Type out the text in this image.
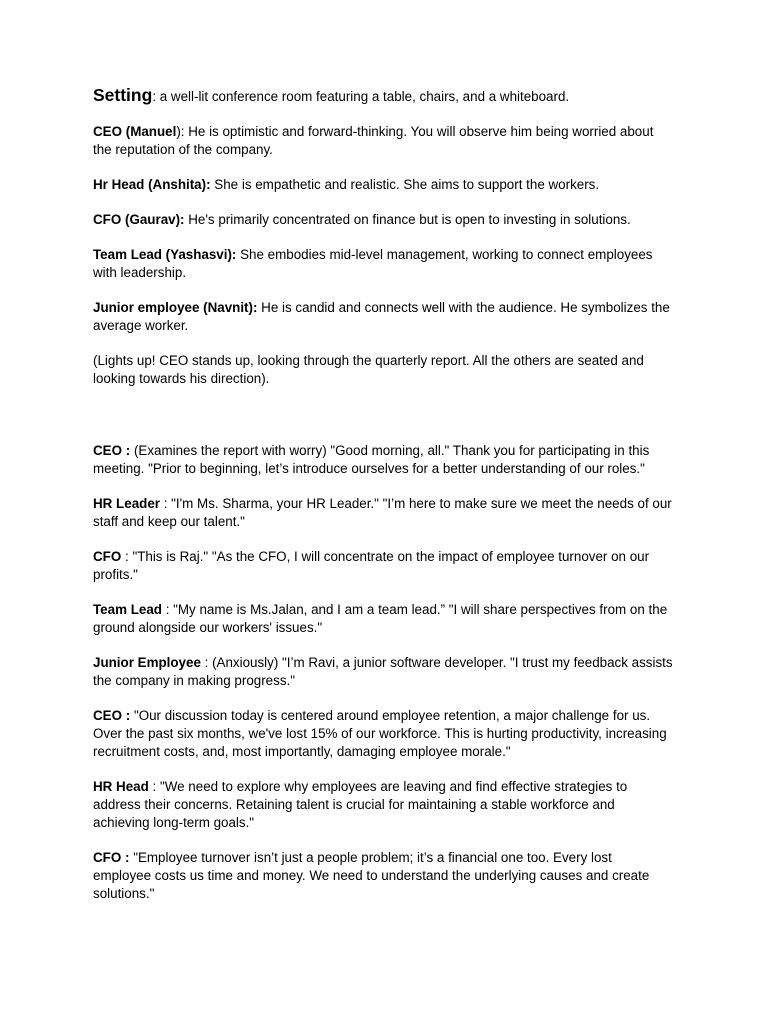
Setting: a well-lit conference room featuring a table, chairs, and a whiteboard.

CEO (Manuel): He is optimistic and forward-thinking. You will observe him being worried about the reputation of the company.

Hr Head (Anshita): She is empathetic and realistic. She aims to support the workers.

CFO (Gaurav): He's primarily concentrated on finance but is open to investing in solutions.

Team Lead (Yashasvi): She embodies mid-level management, working to connect employees with leadership.

Junior employee (Navnit): He is candid and connects well with the audience. He symbolizes the average worker.

(Lights up! CEO stands up, looking through the quarterly report. All the others are seated and looking towards his direction).

CEO : (Examines the report with worry) "Good morning, all." Thank you for participating in this meeting. "Prior to beginning, let’s introduce ourselves for a better understanding of our roles."

HR Leader : "I'm Ms. Sharma, your HR Leader." "I’m here to make sure we meet the needs of our staff and keep our talent."

CFO : "This is Raj." "As the CFO, I will concentrate on the impact of employee turnover on our profits."

Team Lead : "My name is Ms.Jalan, and I am a team lead.” "I will share perspectives from on the ground alongside our workers' issues."

Junior Employee : (Anxiously) "I’m Ravi, a junior software developer. "I trust my feedback assists the company in making progress."

CEO : "Our discussion today is centered around employee retention, a major challenge for us. Over the past six months, we've lost 15% of our workforce. This is hurting productivity, increasing recruitment costs, and, most importantly, damaging employee morale."

HR Head : "We need to explore why employees are leaving and find effective strategies to address their concerns. Retaining talent is crucial for maintaining a stable workforce and achieving long-term goals."

CFO : "Employee turnover isn’t just a people problem; it’s a financial one too. Every lost employee costs us time and money. We need to understand the underlying causes and create solutions."
